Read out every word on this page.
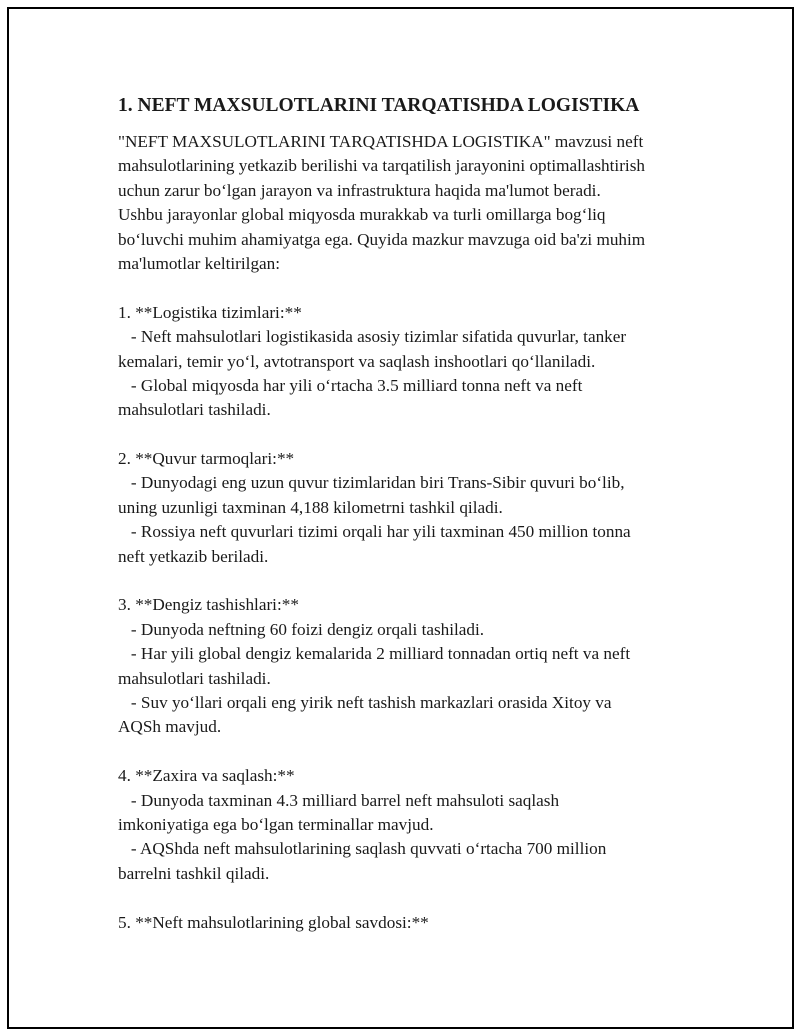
1. NEFT MAXSULOTLARINI TARQATISHDA LOGISTIKA
"NEFT MAXSULOTLARINI TARQATISHDA LOGISTIKA" mavzusi neft
mahsulotlarining yetkazib berilishi va tarqatilish jarayonini optimallashtirish
uchun zarur boʻlgan jarayon va infrastruktura haqida ma'lumot beradi.
Ushbu jarayonlar global miqyosda murakkab va turli omillarga bogʻliq
boʻluvchi muhim ahamiyatga ega. Quyida mazkur mavzuga oid ba'zi muhim
ma'lumotlar keltirilgan:
1. **Logistika tizimlari:**
- Neft mahsulotlari logistikasida asosiy tizimlar sifatida quvurlar, tanker
kemalari, temir yoʻl, avtotransport va saqlash inshootlari qoʻllaniladi.
- Global miqyosda har yili oʻrtacha 3.5 milliard tonna neft va neft
mahsulotlari tashiladi.
2. **Quvur tarmoqlari:**
- Dunyodagi eng uzun quvur tizimlaridan biri Trans-Sibir quvuri boʻlib,
uning uzunligi taxminan 4,188 kilometrni tashkil qiladi.
- Rossiya neft quvurlari tizimi orqali har yili taxminan 450 million tonna
neft yetkazib beriladi.
3. **Dengiz tashishlari:**
- Dunyoda neftning 60 foizi dengiz orqali tashiladi.
- Har yili global dengiz kemalarida 2 milliard tonnadan ortiq neft va neft
mahsulotlari tashiladi.
- Suv yoʻllari orqali eng yirik neft tashish markazlari orasida Xitoy va
AQSh mavjud.
4. **Zaxira va saqlash:**
- Dunyoda taxminan 4.3 milliard barrel neft mahsuloti saqlash
imkoniyatiga ega boʻlgan terminallar mavjud.
- AQShda neft mahsulotlarining saqlash quvvati oʻrtacha 700 million
barrelni tashkil qiladi.
5. **Neft mahsulotlarining global savdosi:**
